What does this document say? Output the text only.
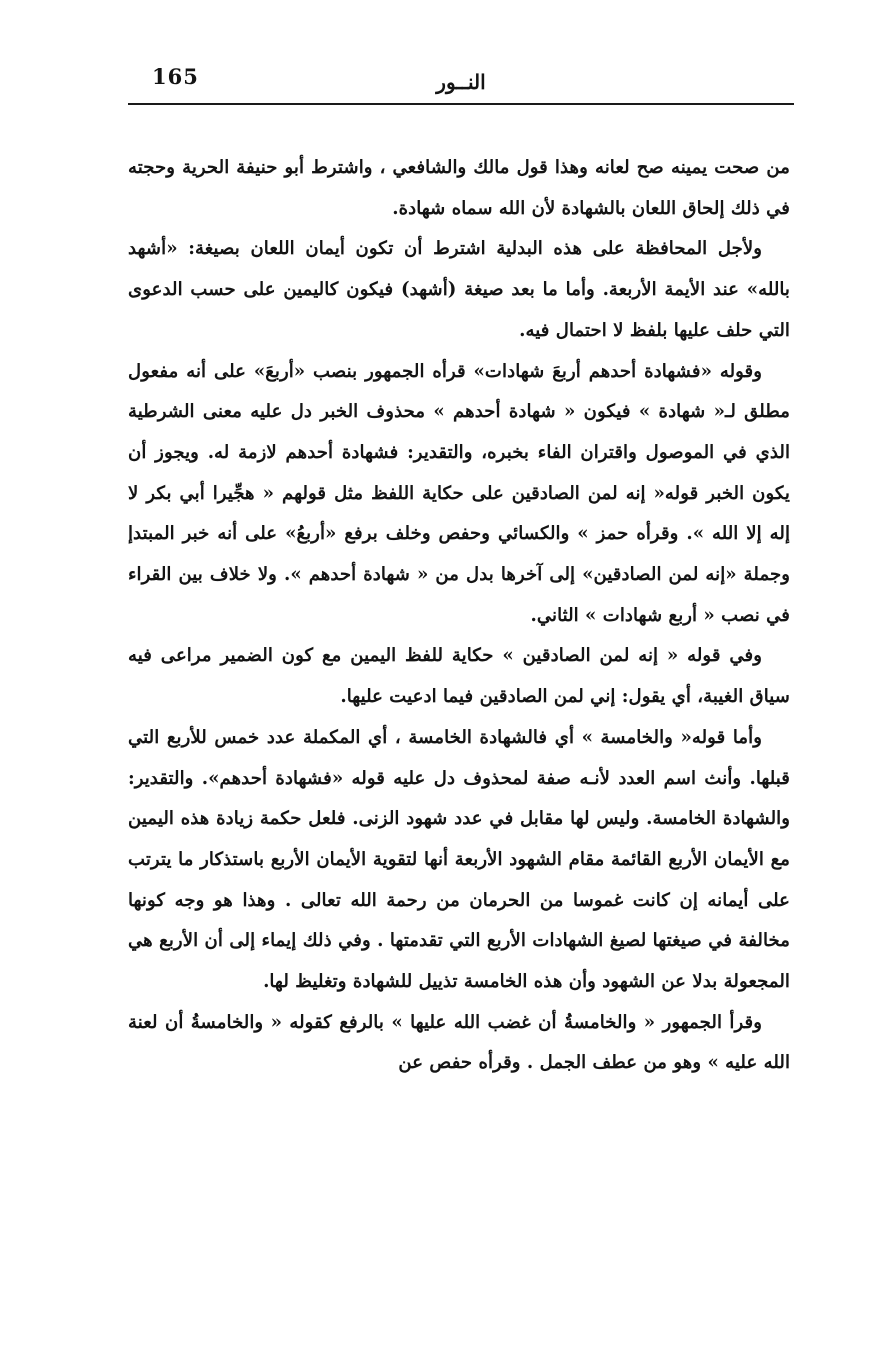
165	النــور

من صحت يمينه صح لعانه وهذا قول مالك والشافعي ، واشترط أبو حنيفة الحرية وحجته في ذلك إلحاق اللعان بالشهادة لأن الله سماه شهادة.

ولأجل المحافظة على هذه البدلية اشترط أن تكون أيمان اللعان بصيغة: «أشهد بالله» عند الأيمة الأربعة. وأما ما بعد صيغة (أشهد) فيكون كاليمين على حسب الدعوى التي حلف عليها بلفظ لا احتمال فيه.

وقوله «فشهادة أحدهم أربعَ شهادات» قرأه الجمهور بنصب «أربعَ» على أنه مفعول مطلق لـ« شهادة » فيكون « شهادة أحدهم » محذوف الخبر دل عليه معنى الشرطية الذي في الموصول واقتران الفاء بخبره، والتقدير: فشهادة أحدهم لازمة له. ويجوز أن يكون الخبر قوله« إنه لمن الصادقين على حكاية اللفظ مثل قولهم « هجِّيرا أبي بكر لا إله إلا الله ». وقرأه حمز » والكسائي وحفص وخلف برفع «أربعُ» على أنه خبر المبتدإ وجملة «إنه لمن الصادقين» إلى آخرها بدل من « شهادة أحدهم ». ولا خلاف بين القراء في نصب « أربع شهادات » الثاني.

وفي قوله « إنه لمن الصادقين » حكاية للفظ اليمين مع كون الضمير مراعى فيه سياق الغيبة، أي يقول: إني لمن الصادقين فيما ادعيت عليها.

وأما قوله« والخامسة » أي فالشهادة الخامسة ، أي المكملة عدد خمس للأربع التي قبلها. وأنث اسم العدد لأنـه صفة لمحذوف دل عليه قوله «فشهادة أحدهم». والتقدير: والشهادة الخامسة. وليس لها مقابل في عدد شهود الزنى. فلعل حكمة زيادة هذه اليمين مع الأيمان الأربع القائمة مقام الشهود الأربعة أنها لتقوية الأيمان الأربع باستذكار ما يترتب على أيمانه إن كانت غموسا من الحرمان من رحمة الله تعالى . وهذا هو وجه كونها مخالفة في صيغتها لصيغ الشهادات الأربع التي تقدمتها . وفي ذلك إيماء إلى أن الأربع هي المجعولة بدلا عن الشهود وأن هذه الخامسة تذييل للشهادة وتغليظ لها.

وقرأ الجمهور « والخامسةُ أن غضب الله عليها » بالرفع كقوله « والخامسةُ أن لعنة الله عليه » وهو من عطف الجمل . وقرأه حفص عن
